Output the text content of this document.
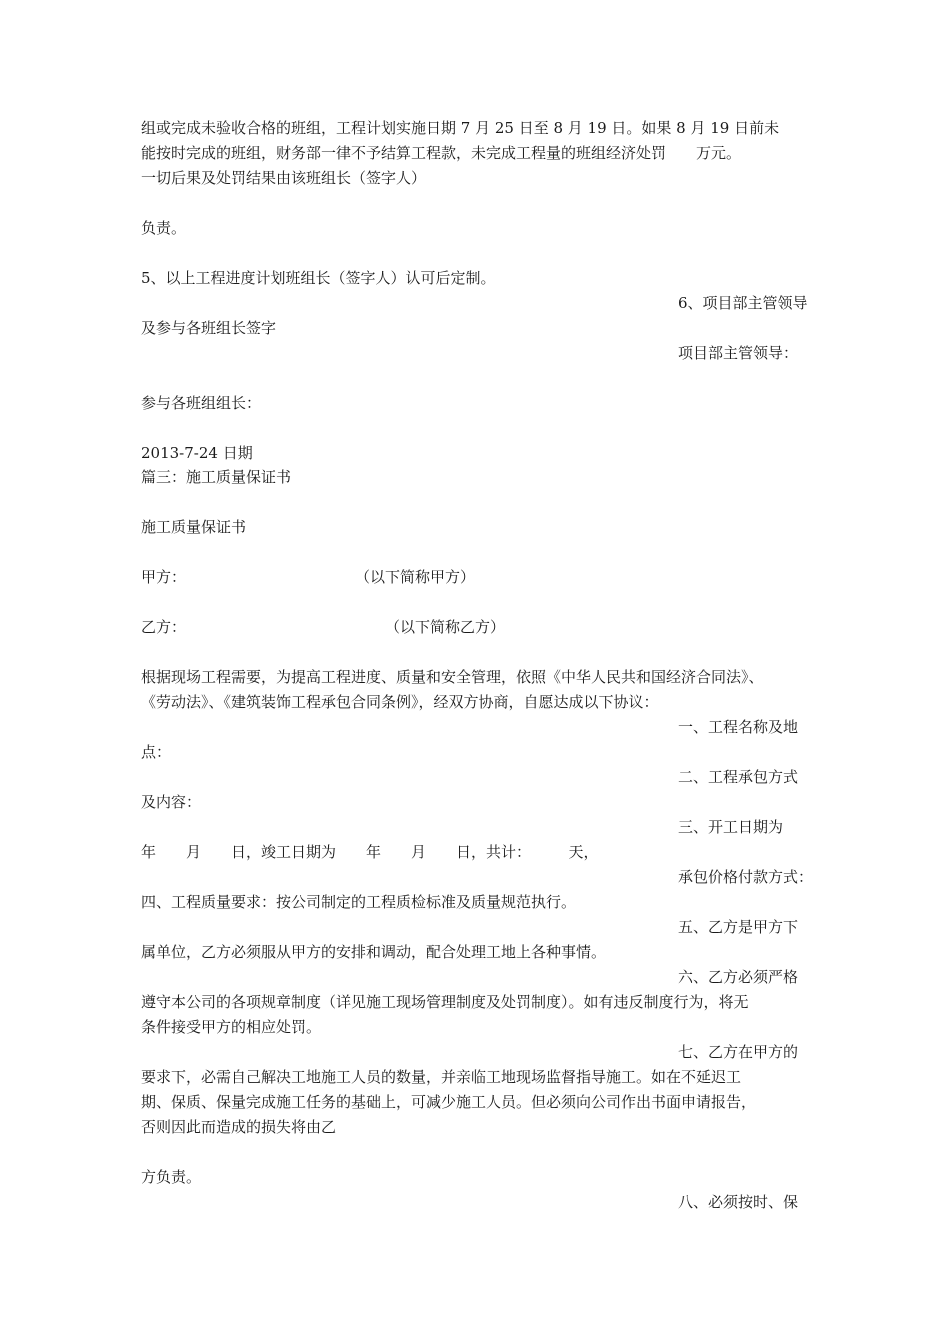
组或完成未验收合格的班组，工程计划实施日期 7 月 25 日至 8 月 19 日。如果 8 月 19 日前未
能按时完成的班组，财务部一律不予结算工程款，未完成工程量的班组经济处罚　　万元。
一切后果及处罚结果由该班组长（签字人）
负责。
5、以上工程进度计划班组长（签字人）认可后定制。
6、项目部主管领导
及参与各班组长签字
项目部主管领导：
参与各班组组长：
2013-7-24 日期
篇三：施工质量保证书
施工质量保证书
甲方：	（以下简称甲方）
乙方：	（以下简称乙方）
根据现场工程需要，为提高工程进度、质量和安全管理，依照《中华人民共和国经济合同法》、
《劳动法》、《建筑装饰工程承包合同条例》，经双方协商，自愿达成以下协议：
一、工程名称及地
点：
二、工程承包方式
及内容：
三、开工日期为
年　　月　　日，竣工日期为　　年　　月　　日，共计：　　　天，
承包价格付款方式：
四、工程质量要求：按公司制定的工程质检标准及质量规范执行。
五、乙方是甲方下
属单位，乙方必须服从甲方的安排和调动，配合处理工地上各种事情。
六、乙方必须严格
遵守本公司的各项规章制度（详见施工现场管理制度及处罚制度）。如有违反制度行为，将无
条件接受甲方的相应处罚。
七、乙方在甲方的
要求下，必需自己解决工地施工人员的数量，并亲临工地现场监督指导施工。如在不延迟工
期、保质、保量完成施工任务的基础上，可减少施工人员。但必须向公司作出书面申请报告，
否则因此而造成的损失将由乙
方负责。
八、必须按时、保
